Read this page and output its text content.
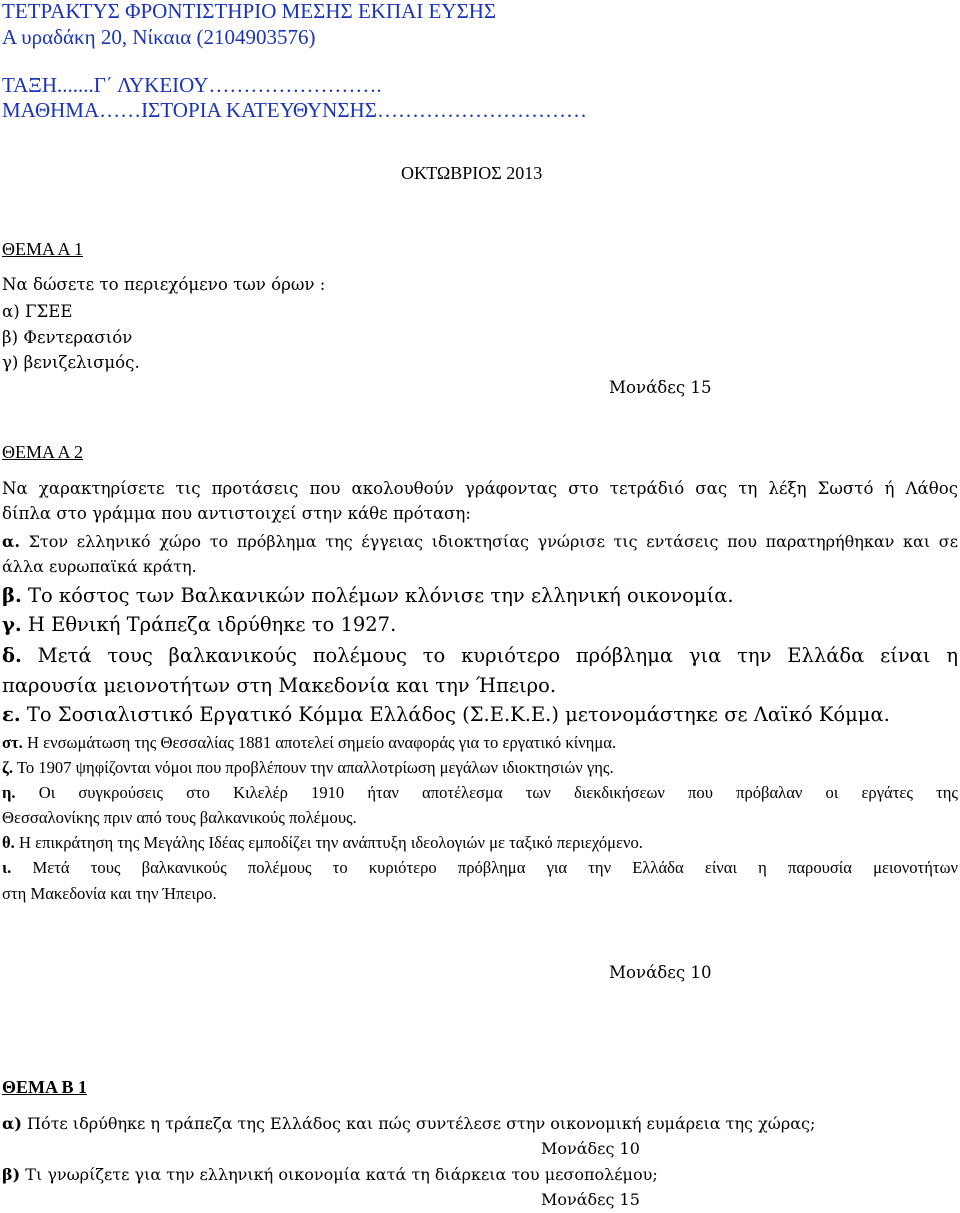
ΤΕΤΡΑΚΤΥΣ ΦΡΟΝΤΙΣΤΗΡΙΟ ΜΕΣΗΣ ΕΚΠΑΙ ΕΥΣΗΣ
Α υραδάκη 20, Νίκαια (2104903576)
ΤΑΞΗ.......Γ΄ ΛΥΚΕΙΟΥ…………………….
ΜΑΘΗΜΑ……ΙΣΤΟΡΙΑ ΚΑΤΕΥΘΥΝΣΗΣ…………………………
ΟΚΤΩΒΡΙΟΣ 2013
ΘΕΜΑ Α 1
Να δώσετε το περιεχόμενο των όρων :
α) ΓΣΕΕ
β) Φεντερασιόν
γ) βενιζελισμός.
Μονάδες 15
ΘΕΜΑ Α 2
Να χαρακτηρίσετε τις προτάσεις που ακολουθούν γράφοντας στο τετράδιό σας τη λέξη Σωστό ή Λάθος
δίπλα στο γράμμα που αντιστοιχεί στην κάθε πρόταση:
α. Στον ελληνικό χώρο το πρόβλημα της έγγειας ιδιοκτησίας γνώρισε τις εντάσεις που παρατηρήθηκαν και σε
άλλα ευρωπαϊκά κράτη.
β. Το κόστος των Βαλκανικών πολέμων κλόνισε την ελληνική οικονομία.
γ. Η Εθνική Τράπεζα ιδρύθηκε το 1927.
δ. Μετά τους βαλκανικούς πολέμους το κυριότερο πρόβλημα για την Ελλάδα είναι η
παρουσία μειονοτήτων στη Μακεδονία και την Ήπειρο.
ε. Το Σοσιαλιστικό Εργατικό Κόμμα Ελλάδος (Σ.Ε.Κ.Ε.) μετονομάστηκε σε Λαϊκό Κόμμα.
στ. Η ενσωμάτωση της Θεσσαλίας 1881 αποτελεί σημείο αναφοράς για το εργατικό κίνημα.
ζ. Το 1907 ψηφίζονται νόμοι που προβλέπουν την απαλλοτρίωση μεγάλων ιδιοκτησιών γης.
η. Οι συγκρούσεις στο Κιλελέρ 1910 ήταν αποτέλεσμα των διεκδικήσεων που πρόβαλαν οι εργάτες της
Θεσσαλονίκης πριν από τους βαλκανικούς πολέμους.
θ. Η επικράτηση της Μεγάλης Ιδέας εμποδίζει την ανάπτυξη ιδεολογιών με ταξικό περιεχόμενο.
ι. Μετά τους βαλκανικούς πολέμους το κυριότερο πρόβλημα για την Ελλάδα είναι η παρουσία μειονοτήτων
στη Μακεδονία και την Ήπειρο.
Μονάδες 10
ΘΕΜΑ Β 1
α) Πότε ιδρύθηκε η τράπεζα της Ελλάδος και πώς συντέλεσε στην οικονομική ευμάρεια της χώρας;
Μονάδες 10
β) Τι γνωρίζετε για την ελληνική οικονομία κατά τη διάρκεια του μεσοπολέμου;
Μονάδες 15
